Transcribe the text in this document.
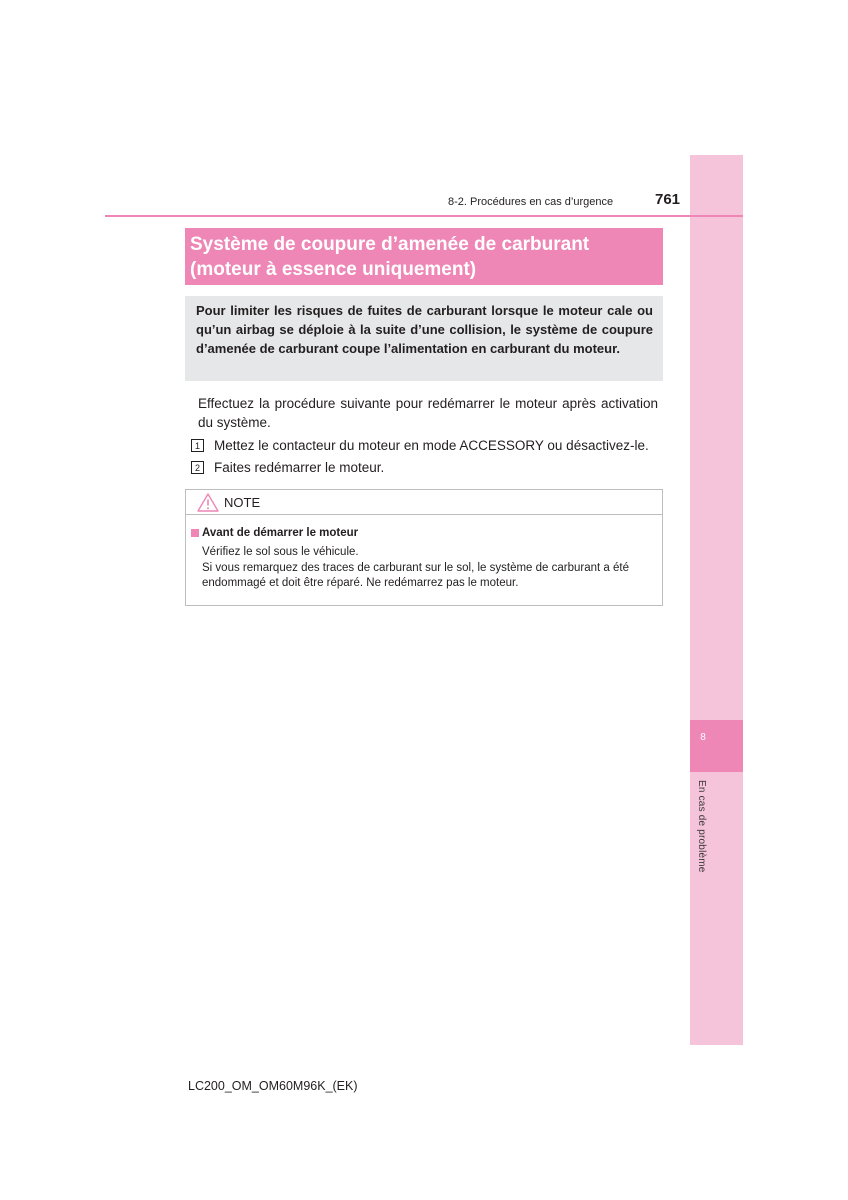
8
En cas de problème
8-2. Procédures en cas d’urgence	761
Système de coupure d’amenée de carburant (moteur à essence uniquement)
Pour limiter les risques de fuites de carburant lorsque le moteur cale ou qu’un airbag se déploie à la suite d’une collision, le système de coupure d’amenée de carburant coupe l’alimentation en carburant du moteur.
Effectuez la procédure suivante pour redémarrer le moteur après activation du système.
1 Mettez le contacteur du moteur en mode ACCESSORY ou désactivez-le.
2 Faites redémarrer le moteur.
NOTE
Avant de démarrer le moteur
Vérifiez le sol sous le véhicule.
Si vous remarquez des traces de carburant sur le sol, le système de carburant a été endommagé et doit être réparé. Ne redémarrez pas le moteur.
LC200_OM_OM60M96K_(EK)
